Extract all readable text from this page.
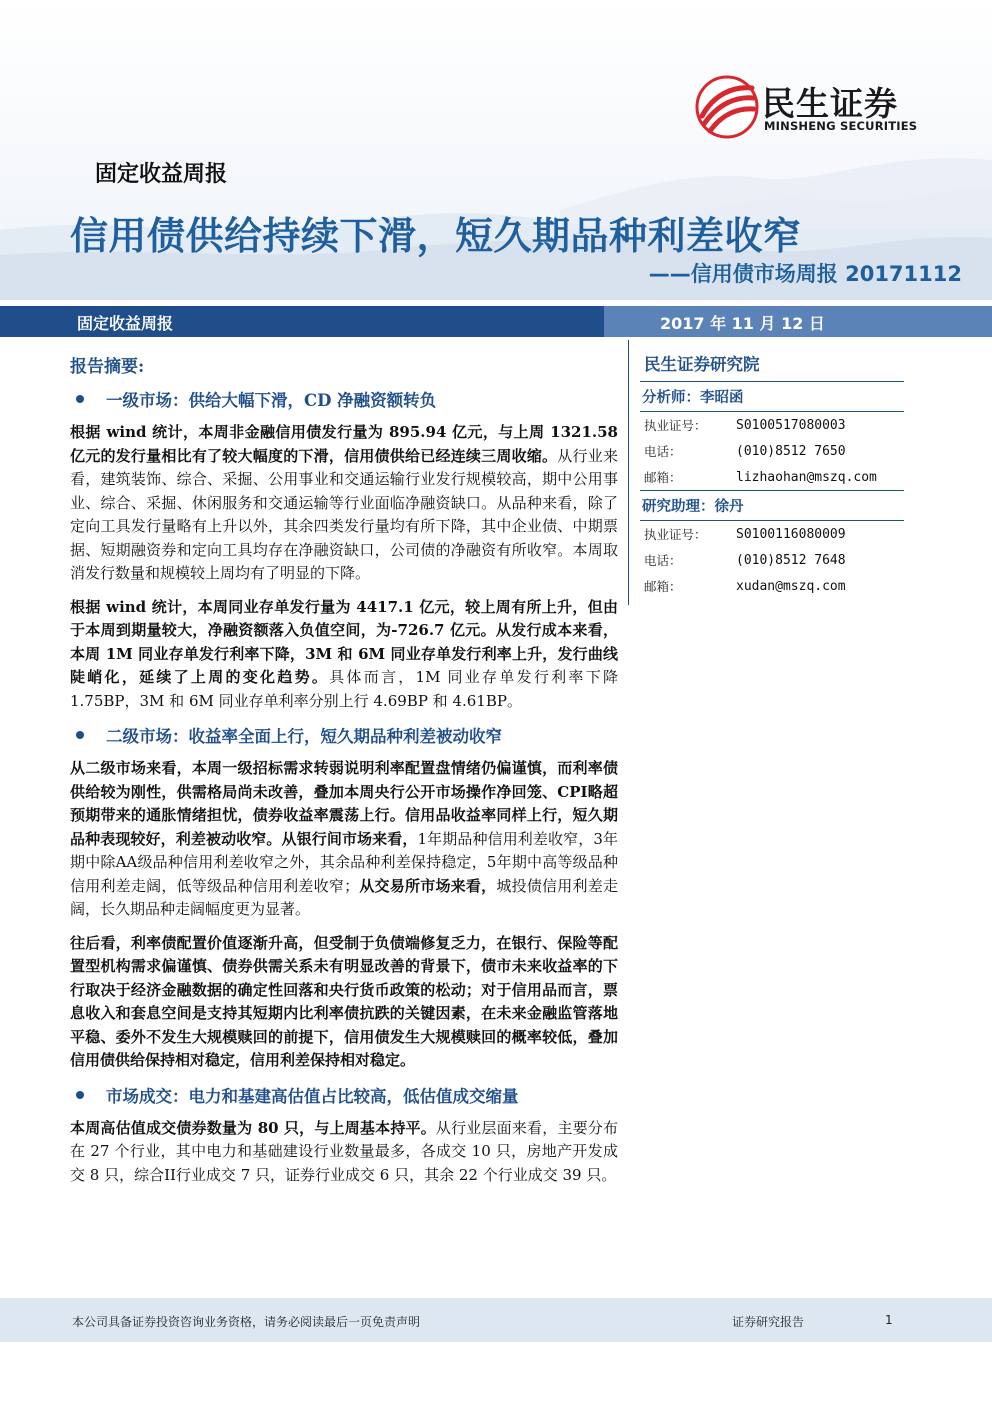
民生证券
MINSHENG SECURITIES
固定收益周报
信用债供给持续下滑，短久期品种利差收窄
——信用债市场周报 20171112
固定收益周报	2017 年 11 月 12 日
报告摘要:
一级市场：供给大幅下滑，CD 净融资额转负
根据 wind 统计，本周非金融信用债发行量为 895.94 亿元，与上周 1321.58 亿元的发行量相比有了较大幅度的下滑，信用债供给已经连续三周收缩。从行业来看，建筑装饰、综合、采掘、公用事业和交通运输行业发行规模较高，期中公用事业、综合、采掘、休闲服务和交通运输等行业面临净融资缺口。从品种来看，除了定向工具发行量略有上升以外，其余四类发行量均有所下降，其中企业债、中期票据、短期融资券和定向工具均存在净融资缺口，公司债的净融资有所收窄。本周取消发行数量和规模较上周均有了明显的下降。
根据 wind 统计，本周同业存单发行量为 4417.1 亿元，较上周有所上升，但由于本周到期量较大，净融资额落入负值空间，为-726.7 亿元。从发行成本来看，本周 1M 同业存单发行利率下降，3M 和 6M 同业存单发行利率上升，发行曲线陡峭化，延续了上周的变化趋势。具体而言，1M 同业存单发行利率下降 1.75BP，3M 和 6M 同业存单利率分别上行 4.69BP 和 4.61BP。
二级市场：收益率全面上行，短久期品种利差被动收窄
从二级市场来看，本周一级招标需求转弱说明利率配置盘情绪仍偏谨慎，而利率债供给较为刚性，供需格局尚未改善，叠加本周央行公开市场操作净回笼、CPI略超预期带来的通胀情绪担忧，债券收益率震荡上行。信用品收益率同样上行，短久期品种表现较好，利差被动收窄。从银行间市场来看，1年期品种信用利差收窄，3年期中除AA级品种信用利差收窄之外，其余品种利差保持稳定，5年期中高等级品种信用利差走阔，低等级品种信用利差收窄；从交易所市场来看，城投债信用利差走阔，长久期品种走阔幅度更为显著。
往后看，利率债配置价值逐渐升高，但受制于负债端修复乏力，在银行、保险等配置型机构需求偏谨慎、债券供需关系未有明显改善的背景下，债市未来收益率的下行取决于经济金融数据的确定性回落和央行货币政策的松动；对于信用品而言，票息收入和套息空间是支持其短期内比利率债抗跌的关键因素，在未来金融监管落地平稳、委外不发生大规模赎回的前提下，信用债发生大规模赎回的概率较低，叠加信用债供给保持相对稳定，信用利差保持相对稳定。
市场成交：电力和基建高估值占比较高，低估值成交缩量
本周高估值成交债券数量为 80 只，与上周基本持平。从行业层面来看，主要分布在 27 个行业，其中电力和基础建设行业数量最多，各成交 10 只，房地产开发成交 8 只，综合II行业成交 7 只，证券行业成交 6 只，其余 22 个行业成交 39 只。
民生证券研究院
分析师：李昭函
执业证号：	S0100517080003
电话：	(010)8512 7650
邮箱：	lizhaohan@mszq.com
研究助理：徐丹
执业证号：	S0100116080009
电话：	(010)8512 7648
邮箱：	xudan@mszq.com
本公司具备证券投资咨询业务资格，请务必阅读最后一页免责声明	证券研究报告	1
